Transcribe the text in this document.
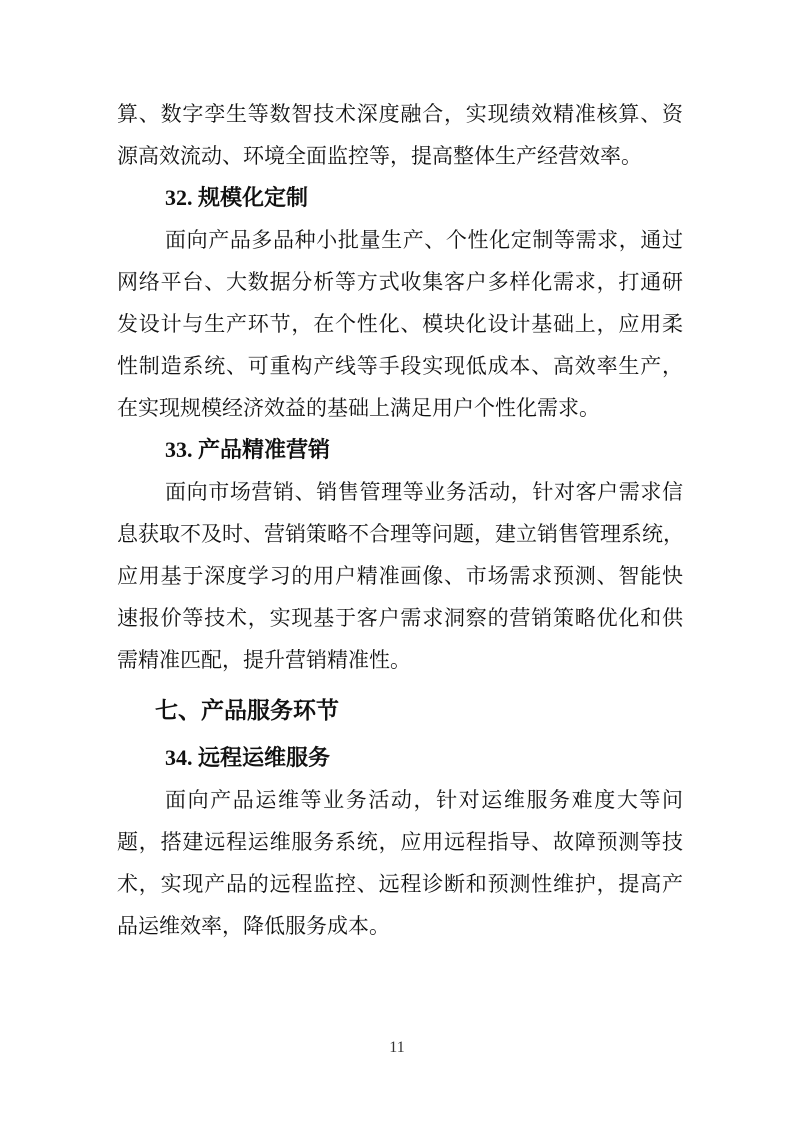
算、数字孪生等数智技术深度融合，实现绩效精准核算、资
源高效流动、环境全面监控等，提高整体生产经营效率。
32. 规模化定制
面向产品多品种小批量生产、个性化定制等需求，通过
网络平台、大数据分析等方式收集客户多样化需求，打通研
发设计与生产环节，在个性化、模块化设计基础上，应用柔
性制造系统、可重构产线等手段实现低成本、高效率生产，
在实现规模经济效益的基础上满足用户个性化需求。
33. 产品精准营销
面向市场营销、销售管理等业务活动，针对客户需求信
息获取不及时、营销策略不合理等问题，建立销售管理系统，
应用基于深度学习的用户精准画像、市场需求预测、智能快
速报价等技术，实现基于客户需求洞察的营销策略优化和供
需精准匹配，提升营销精准性。
七、产品服务环节
34. 远程运维服务
面向产品运维等业务活动，针对运维服务难度大等问
题，搭建远程运维服务系统，应用远程指导、故障预测等技
术，实现产品的远程监控、远程诊断和预测性维护，提高产
品运维效率，降低服务成本。
11
